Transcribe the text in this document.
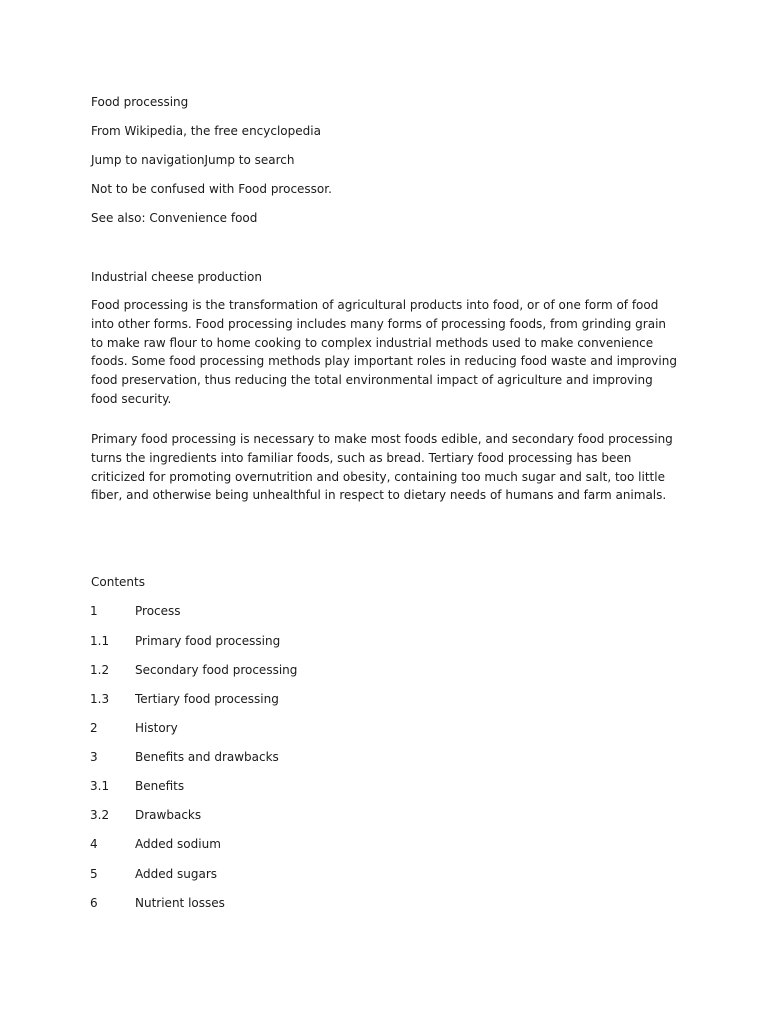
Food processing
From Wikipedia, the free encyclopedia
Jump to navigationJump to search
Not to be confused with Food processor.
See also: Convenience food
Industrial cheese production
Food processing is the transformation of agricultural products into food, or of one form of food into other forms. Food processing includes many forms of processing foods, from grinding grain to make raw flour to home cooking to complex industrial methods used to make convenience foods. Some food processing methods play important roles in reducing food waste and improving food preservation, thus reducing the total environmental impact of agriculture and improving food security.
Primary food processing is necessary to make most foods edible, and secondary food processing turns the ingredients into familiar foods, such as bread. Tertiary food processing has been criticized for promoting overnutrition and obesity, containing too much sugar and salt, too little fiber, and otherwise being unhealthful in respect to dietary needs of humans and farm animals.
Contents
1	Process
1.1 Primary food processing
1.2 Secondary food processing
1.3 Tertiary food processing
2	History
3	Benefits and drawbacks
3.1 Benefits
3.2 Drawbacks
4	Added sodium
5	Added sugars
6	Nutrient losses
